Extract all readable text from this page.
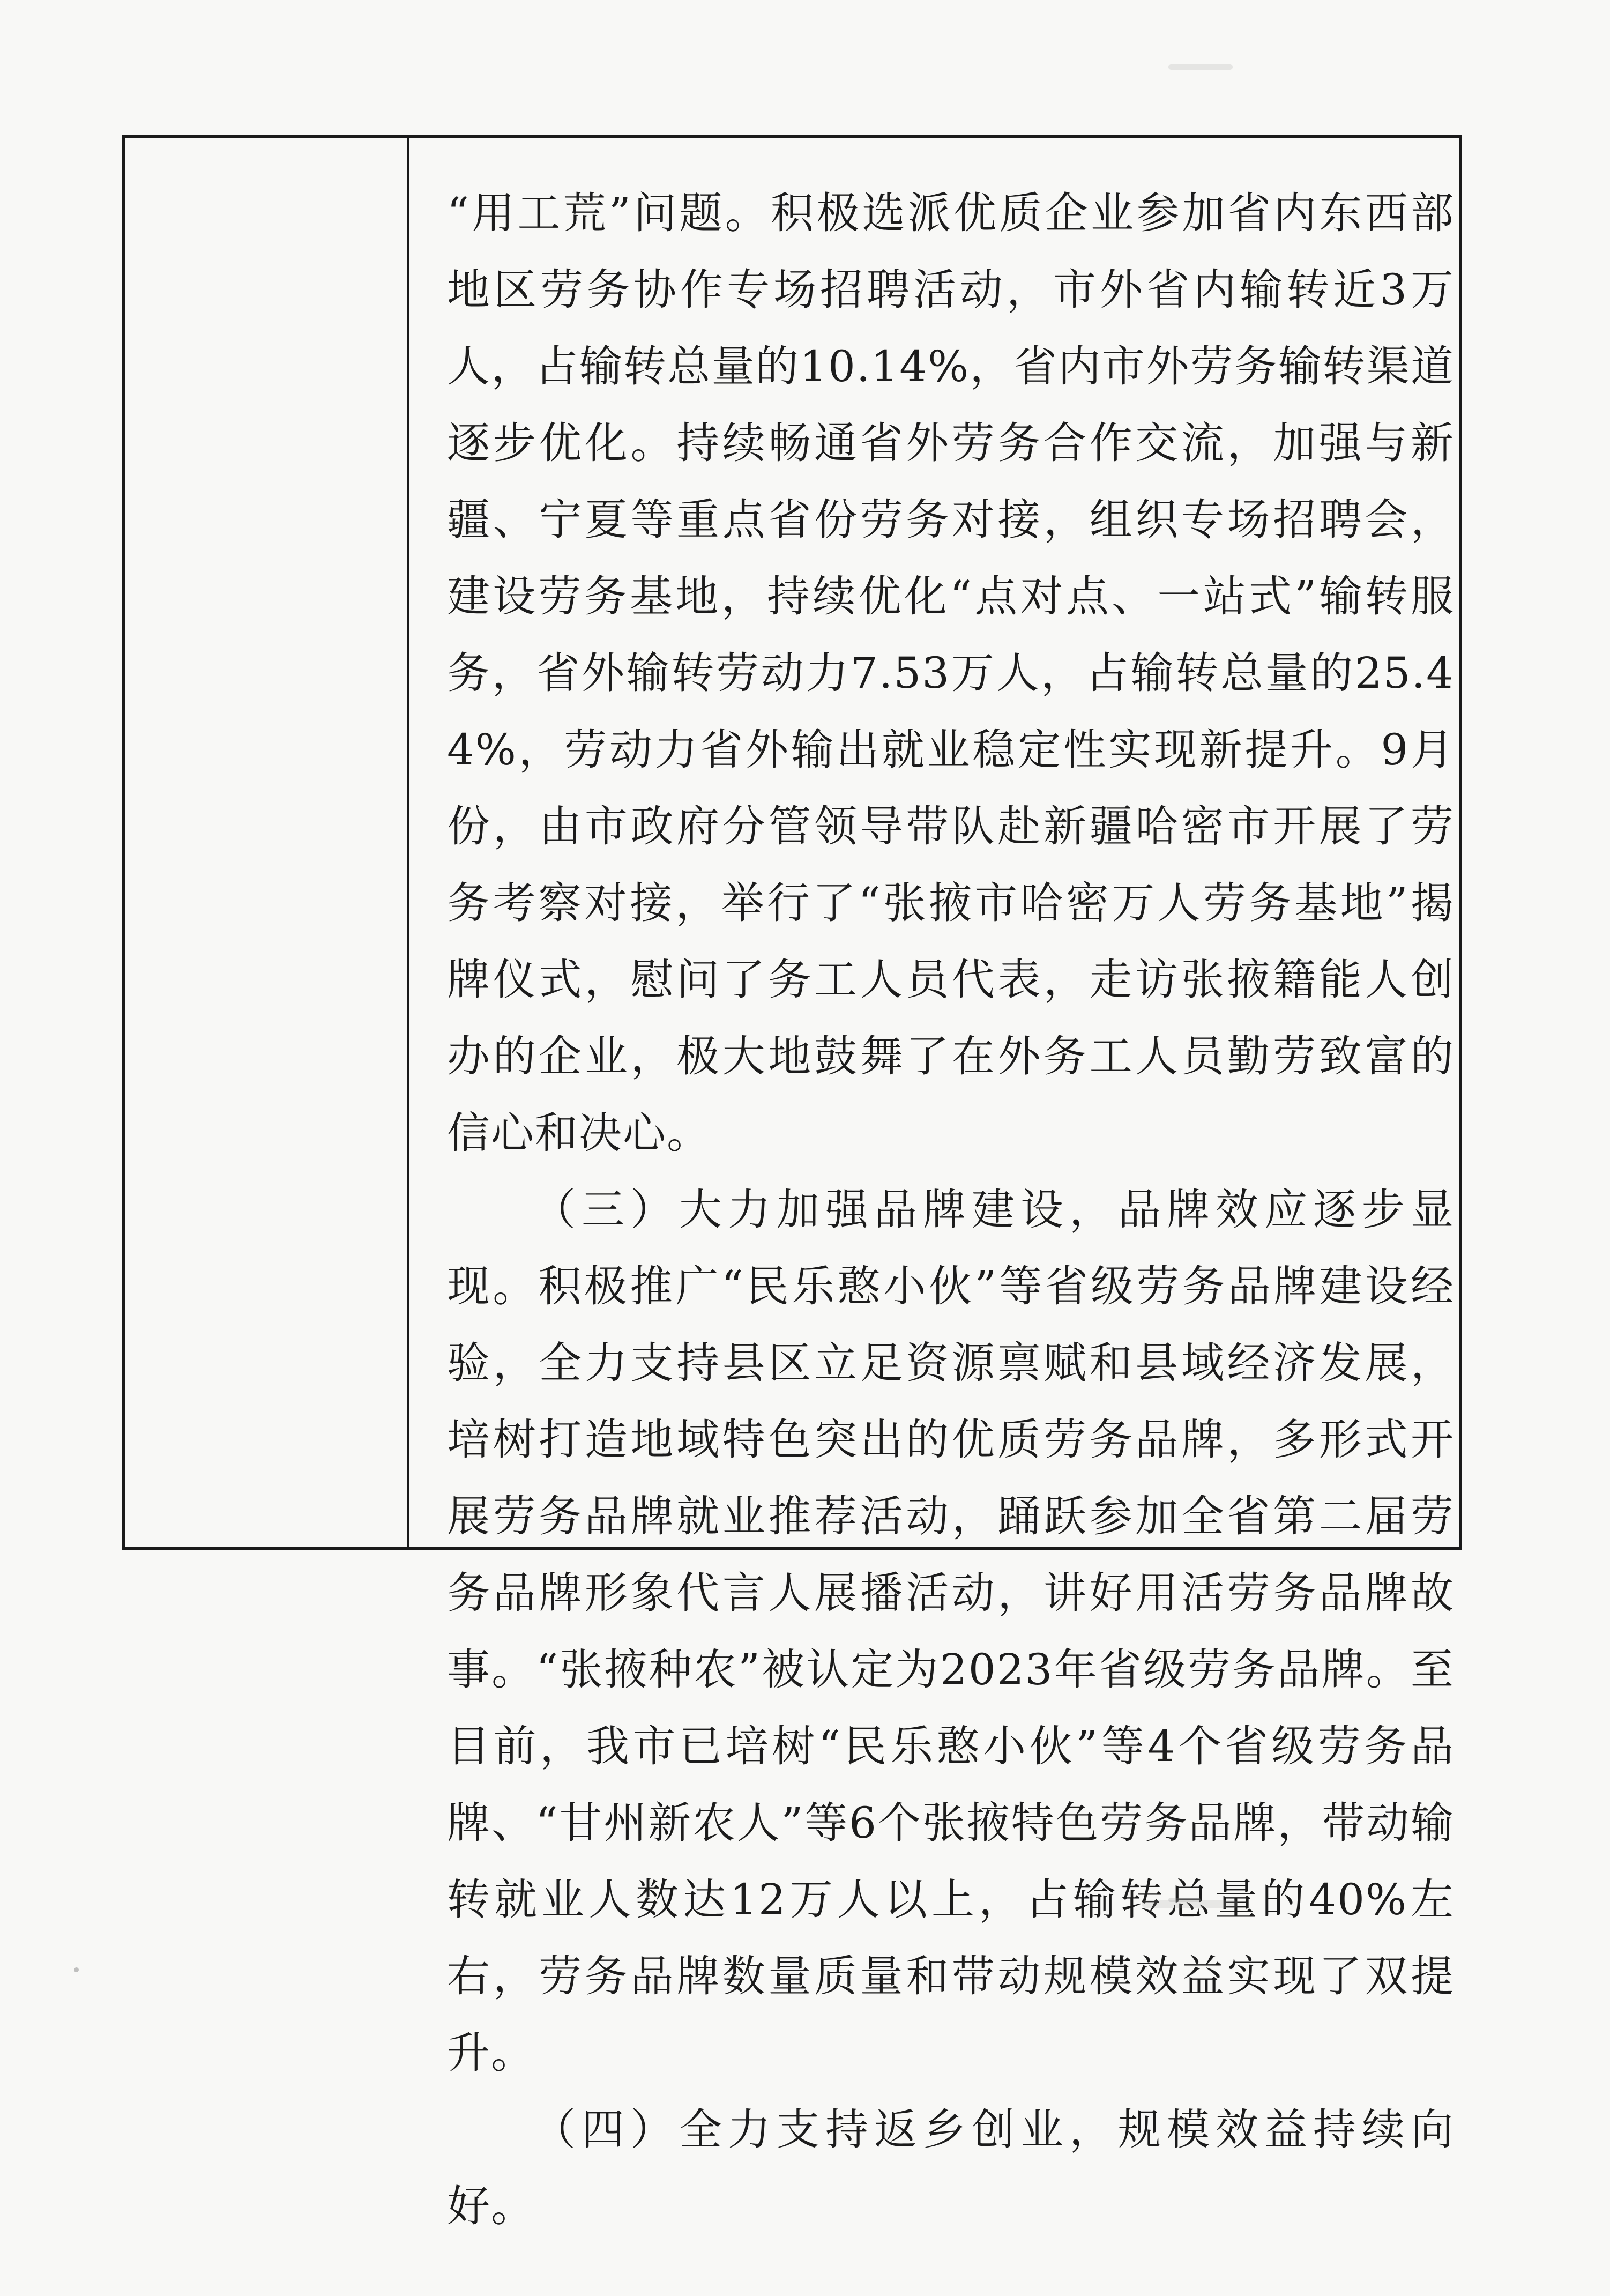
“用工荒”问题。积极选派优质企业参加省内东西部地区劳务协作专场招聘活动，市外省内输转近3万人，占输转总量的10.14%，省内市外劳务输转渠道逐步优化。持续畅通省外劳务合作交流，加强与新疆、宁夏等重点省份劳务对接，组织专场招聘会，建设劳务基地，持续优化“点对点、一站式”输转服务，省外输转劳动力7.53万人，占输转总量的25.44%，劳动力省外输出就业稳定性实现新提升。9月份，由市政府分管领导带队赴新疆哈密市开展了劳务考察对接，举行了“张掖市哈密万人劳务基地”揭牌仪式，慰问了务工人员代表，走访张掖籍能人创办的企业，极大地鼓舞了在外务工人员勤劳致富的信心和决心。

（三）大力加强品牌建设，品牌效应逐步显现。积极推广“民乐憨小伙”等省级劳务品牌建设经验，全力支持县区立足资源禀赋和县域经济发展，培树打造地域特色突出的优质劳务品牌，多形式开展劳务品牌就业推荐活动，踊跃参加全省第二届劳务品牌形象代言人展播活动，讲好用活劳务品牌故事。“张掖种农”被认定为2023年省级劳务品牌。至目前，我市已培树“民乐憨小伙”等4个省级劳务品牌、“甘州新农人”等6个张掖特色劳务品牌，带动输转就业人数达12万人以上，占输转总量的40%左右，劳务品牌数量质量和带动规模效益实现了双提升。

（四）全力支持返乡创业，规模效益持续向好。
